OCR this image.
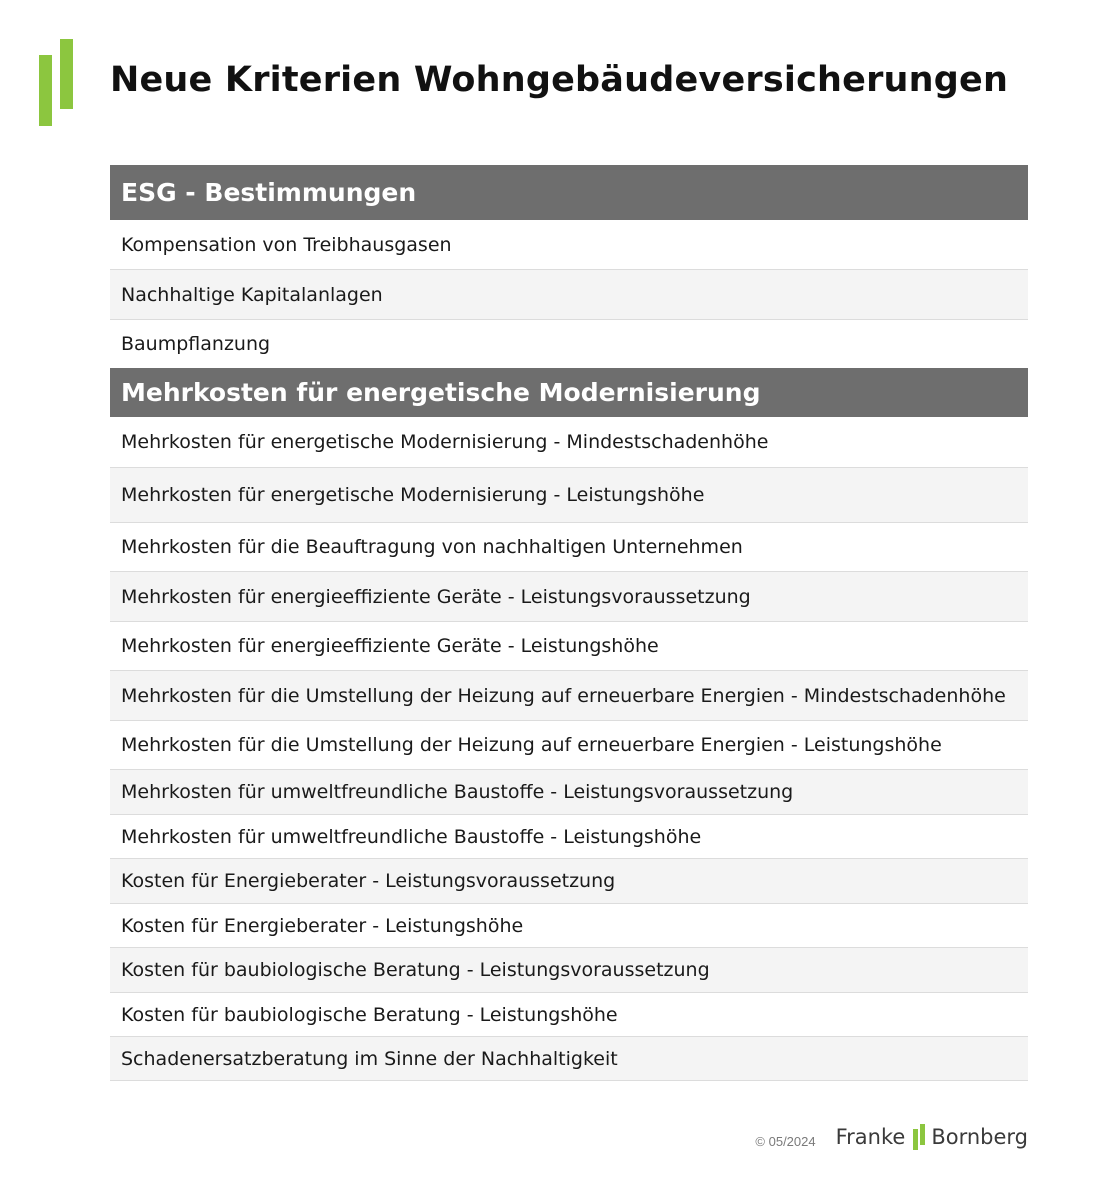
Neue Kriterien Wohngebäudeversicherungen
ESG - Bestimmungen
Kompensation von Treibhausgasen
Nachhaltige Kapitalanlagen
Baumpflanzung
Mehrkosten für energetische Modernisierung
Mehrkosten für energetische Modernisierung - Mindestschadenhöhe
Mehrkosten für energetische Modernisierung - Leistungshöhe
Mehrkosten für die Beauftragung von nachhaltigen Unternehmen
Mehrkosten für energieeffiziente Geräte - Leistungsvoraussetzung
Mehrkosten für energieeffiziente Geräte - Leistungshöhe
Mehrkosten für die Umstellung der Heizung auf erneuerbare Energien - Mindestschadenhöhe
Mehrkosten für die Umstellung der Heizung auf erneuerbare Energien - Leistungshöhe
Mehrkosten für umweltfreundliche Baustoffe - Leistungsvoraussetzung
Mehrkosten für umweltfreundliche Baustoffe - Leistungshöhe
Kosten für Energieberater - Leistungsvoraussetzung
Kosten für Energieberater - Leistungshöhe
Kosten für baubiologische Beratung - Leistungsvoraussetzung
Kosten für baubiologische Beratung - Leistungshöhe
Schadenersatzberatung im Sinne der Nachhaltigkeit
© 05/2024 Franke Bornberg
